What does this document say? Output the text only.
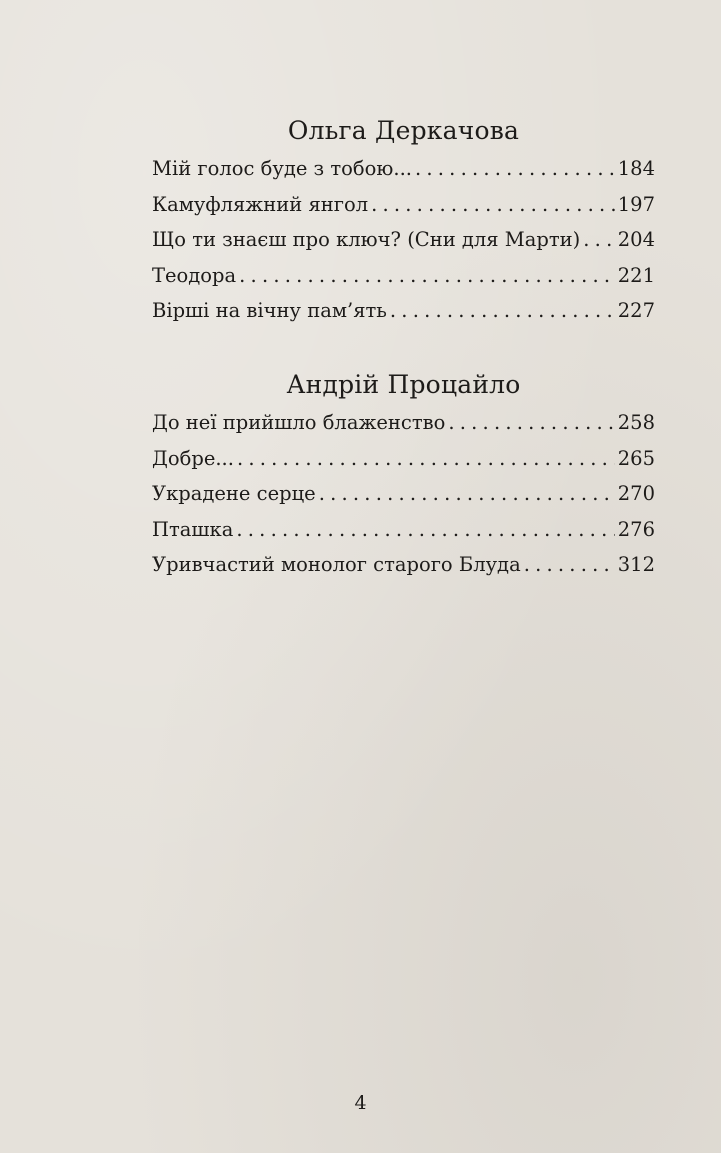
Ольга Деркачова
Мій голос буде з тобою... . . .	184
Камуфляжний янгол . . .	197
Що ти знаєш про ключ? (Сни для Марти) . . . 204
Теодора . . .	221
Вірші на вічну пам’ять . . .	227
Андрій Процайло
До неї прийшло блаженство . . .	258
Добре... . . .	265
Украдене серце . . .	270
Пташка . . .	276
Уривчастий монолог старого Блуда . . .	312
4
